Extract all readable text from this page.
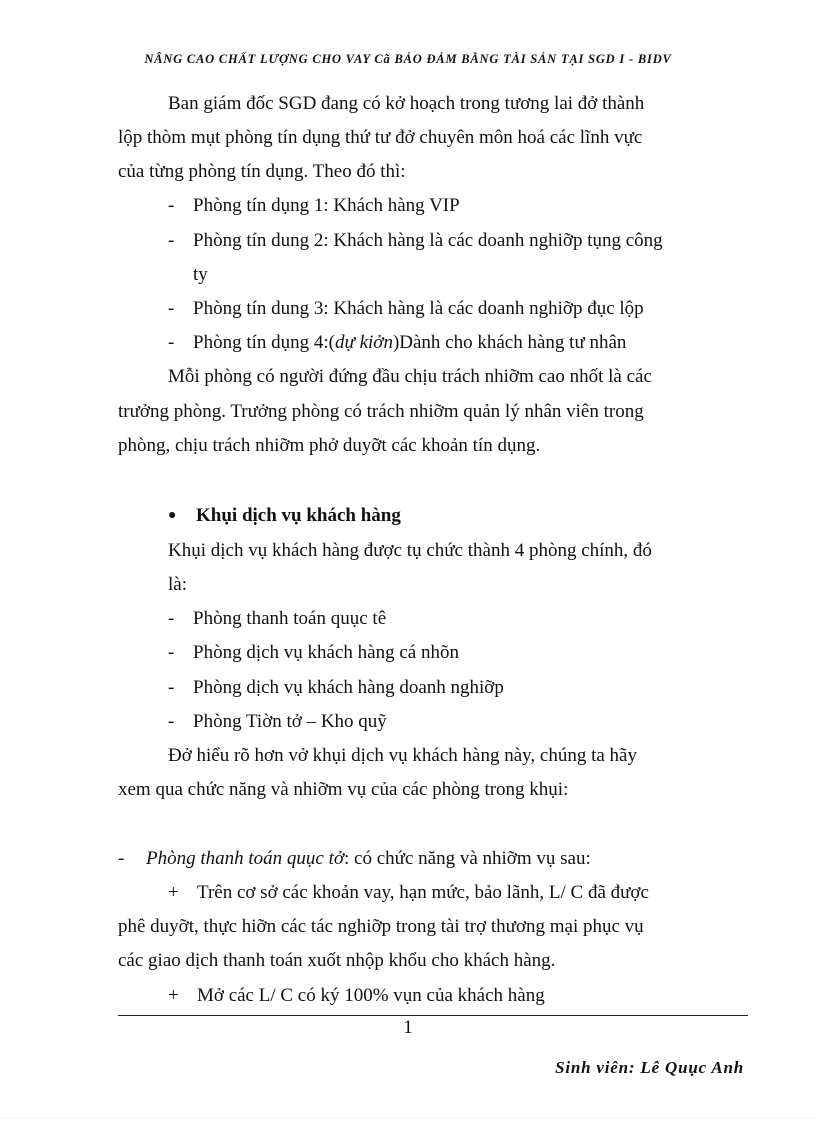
NÂNG CAO CHẤT LƯỢNG CHO VAY Cã BẢO ĐẢM BẰNG TÀI SẢN TẠI SGD I - BIDV
Ban giám đốc SGD đang có kở hoạch trong tương lai đở thành
lộp thòm mụt phòng tín dụng thứ tư đở chuyên môn hoá các lĩnh vực
của từng phòng tín dụng. Theo đó thì:
- Phòng tín dụng 1: Khách hàng VIP
- Phòng tín dung 2: Khách hàng là các doanh nghiỡp tụng công
ty
- Phòng tín dung 3: Khách hàng là các doanh nghiỡp đục lộp
- Phòng tín dụng 4:(dự kiởn)Dành cho khách hàng tư nhân
Mỗi phòng có người đứng đầu chịu trách nhiỡm cao nhốt là các
trưởng phòng. Trưởng phòng có trách nhiỡm quản lý nhân viên trong
phòng, chịu trách nhiỡm phở duyỡt các khoản tín dụng.
● Khụi dịch vụ khách hàng
Khụi dịch vụ khách hàng được tụ chức thành 4 phòng chính, đó
là:
- Phòng thanh toán quục tê
- Phòng dịch vụ khách hàng cá nhõn
- Phòng dịch vụ khách hàng doanh nghiỡp
- Phòng Tiờn tở – Kho quỹ
Đở hiểu rõ hơn vở khụi dịch vụ khách hàng này, chúng ta hãy
xem qua chức năng và nhiỡm vụ của các phòng trong khụi:
- Phòng thanh toán quục tở: có chức năng và nhiỡm vụ sau:
+ Trên cơ sở các khoản vay, hạn mức, bảo lãnh, L/ C đã được
phê duyỡt, thực hiỡn các tác nghiỡp trong tài trợ thương mại phục vụ
các giao dịch thanh toán xuốt nhộp khổu cho khách hàng.
+ Mở các L/ C có ký 100% vụn của khách hàng
1
Sinh viên: Lê Quục Anh
